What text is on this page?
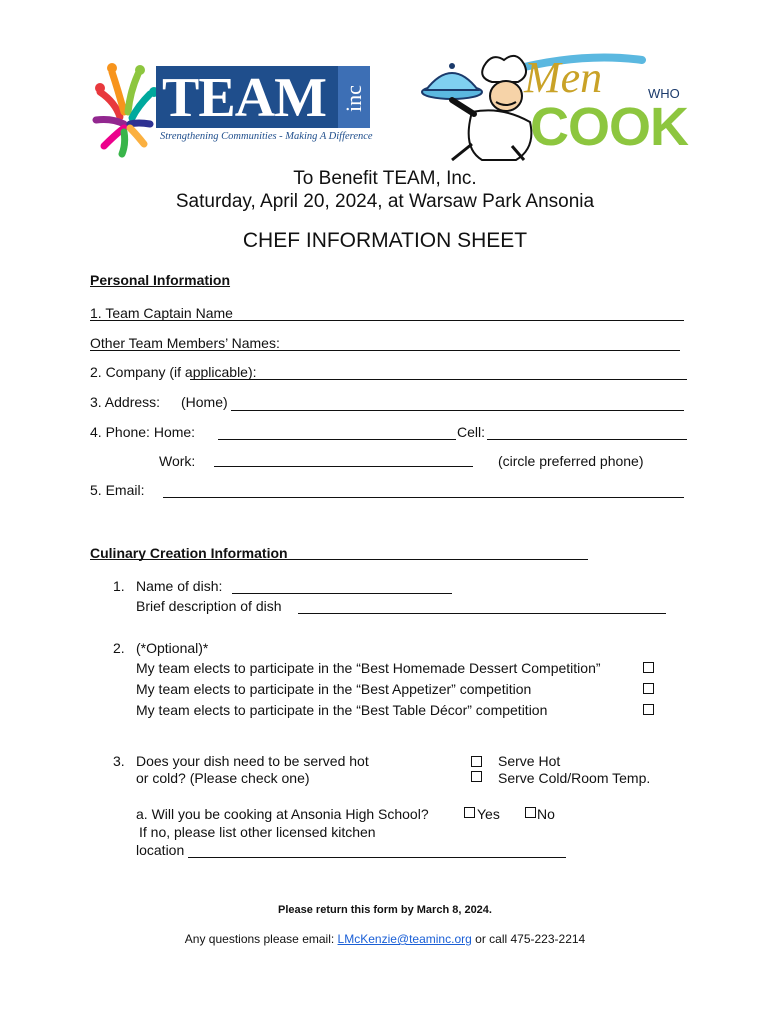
TEAM inc
Strengthening Communities - Making A Difference
Men	WHO
COOK
To Benefit TEAM, Inc.
Saturday, April 20, 2024, at Warsaw Park Ansonia
CHEF INFORMATION SHEET
Personal Information
1. Team Captain Name
Other Team Members’ Names:
2. Company (if applicable):
3. Address: (Home)
4. Phone: Home:	Cell:
Work:	(circle preferred phone)
5. Email:
Culinary Creation Information
1. Name of dish:
Brief description of dish
2. (*Optional)*
My team elects to participate in the “Best Homemade Dessert Competition”
My team elects to participate in the “Best Appetizer” competition
My team elects to participate in the “Best Table Décor” competition
3. Does your dish need to be served hot
or cold? (Please check one)
Serve Hot
Serve Cold/Room Temp.
a. Will you be cooking at Ansonia High School?	Yes	No
If no, please list other licensed kitchen
location
Please return this form by March 8, 2024.
Any questions please email: LMcKenzie@teaminc.org or call 475-223-2214
